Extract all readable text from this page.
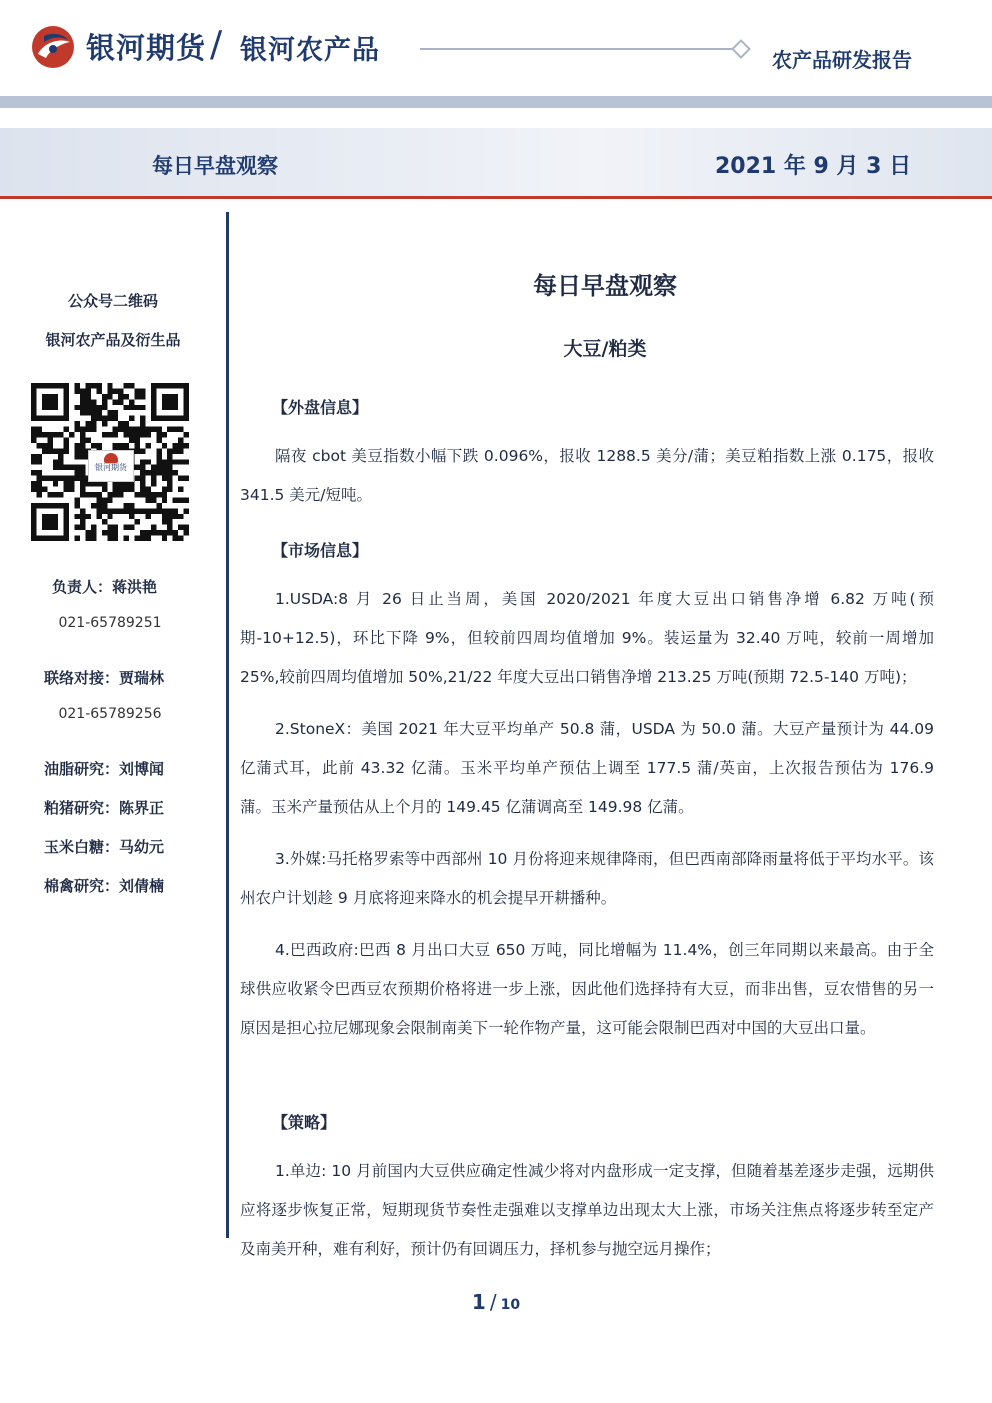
银河期货 / 银河农产品	农产品研发报告
每日早盘观察	2021 年 9 月 3 日
公众号二维码
银河农产品及衍生品
银河期货
负责人：蒋洪艳
021-65789251
联络对接：贾瑞林
021-65789256
油脂研究：刘博闻
粕猪研究：陈界正
玉米白糖：马幼元
棉禽研究：刘倩楠
每日早盘观察
大豆/粕类
【外盘信息】

隔夜 cbot 美豆指数小幅下跌 0.096%，报收 1288.5 美分/蒲；美豆粕指数上涨 0.175，报收 341.5 美元/短吨。

【市场信息】

1.USDA:8 月 26 日止当周，美国 2020/2021 年度大豆出口销售净增 6.82 万吨(预期-10+12.5)，环比下降 9%，但较前四周均值增加 9%。装运量为 32.40 万吨，较前一周增加 25%,较前四周均值增加 50%,21/22 年度大豆出口销售净增 213.25 万吨(预期 72.5-140 万吨)；

2.StoneX：美国 2021 年大豆平均单产 50.8 蒲，USDA 为 50.0 蒲。大豆产量预计为 44.09 亿蒲式耳，此前 43.32 亿蒲。玉米平均单产预估上调至 177.5 蒲/英亩，上次报告预估为 176.9 蒲。玉米产量预估从上个月的 149.45 亿蒲调高至 149.98 亿蒲。

3.外媒:马托格罗索等中西部州 10 月份将迎来规律降雨，但巴西南部降雨量将低于平均水平。该州农户计划趁 9 月底将迎来降水的机会提早开耕播种。

4.巴西政府:巴西 8 月出口大豆 650 万吨，同比增幅为 11.4%，创三年同期以来最高。由于全球供应收紧令巴西豆农预期价格将进一步上涨，因此他们选择持有大豆，而非出售，豆农惜售的另一原因是担心拉尼娜现象会限制南美下一轮作物产量，这可能会限制巴西对中国的大豆出口量。

【策略】

1.单边: 10 月前国内大豆供应确定性减少将对内盘形成一定支撑，但随着基差逐步走强，远期供应将逐步恢复正常，短期现货节奏性走强难以支撑单边出现太大上涨，市场关注焦点将逐步转至定产及南美开种，难有利好，预计仍有回调压力，择机参与抛空远月操作；

1 / 10
